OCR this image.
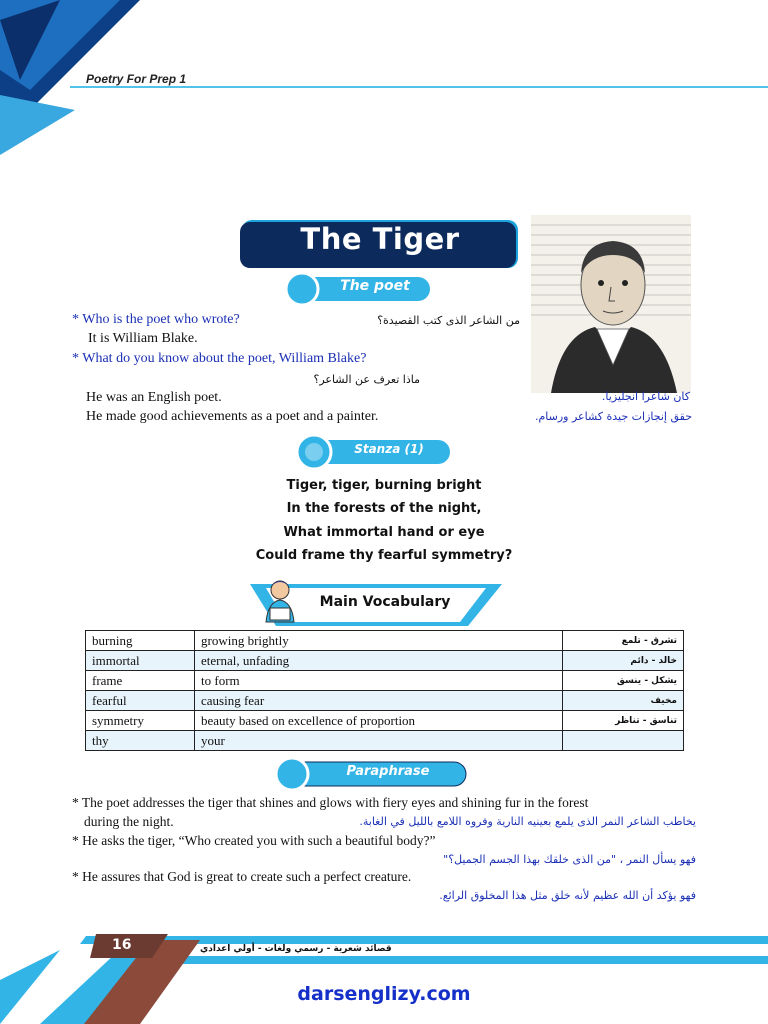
Poetry For Prep 1
The Tiger
The poet
* Who is the poet who wrote?	من الشاعر الذى كتب القصيدة؟
It is William Blake.
* What do you know about the poet, William Blake?
ماذا تعرف عن الشاعر؟
He was an English poet.	كان شاعرا انجليزيا.
He made good achievements as a poet and a painter.	حقق إنجازات جيدة كشاعر ورسام.
Stanza (1)
Tiger, tiger, burning bright
In the forests of the night,
What immortal hand or eye
Could frame thy fearful symmetry?
Main Vocabulary
burning	growing brightly	تشرق - تلمع
immortal	eternal, unfading	خالد - دائم
frame	to form	يشكل - ينسق
fearful	causing fear	مخيف
symmetry	beauty based on excellence of proportion	تناسق - تناظر
thy	your	
Paraphrase
* The poet addresses the tiger that shines and glows with fiery eyes and shining fur in the forest
during the night.	يخاطب الشاعر النمر الذى يلمع بعينيه النارية وفروه اللامع بالليل في الغابة.
* He asks the tiger, “Who created you with such a beautiful body?”
فهو يسأل النمر ، "من الذى خلقك بهذا الجسم الجميل؟"
* He assures that God is great to create such a perfect creature.
فهو يؤكد أن الله عظيم لأنه خلق مثل هذا المخلوق الرائع.
16	قصائد شعرية - رسمي ولغات - أولي اعدادي
darsenglizy.com
